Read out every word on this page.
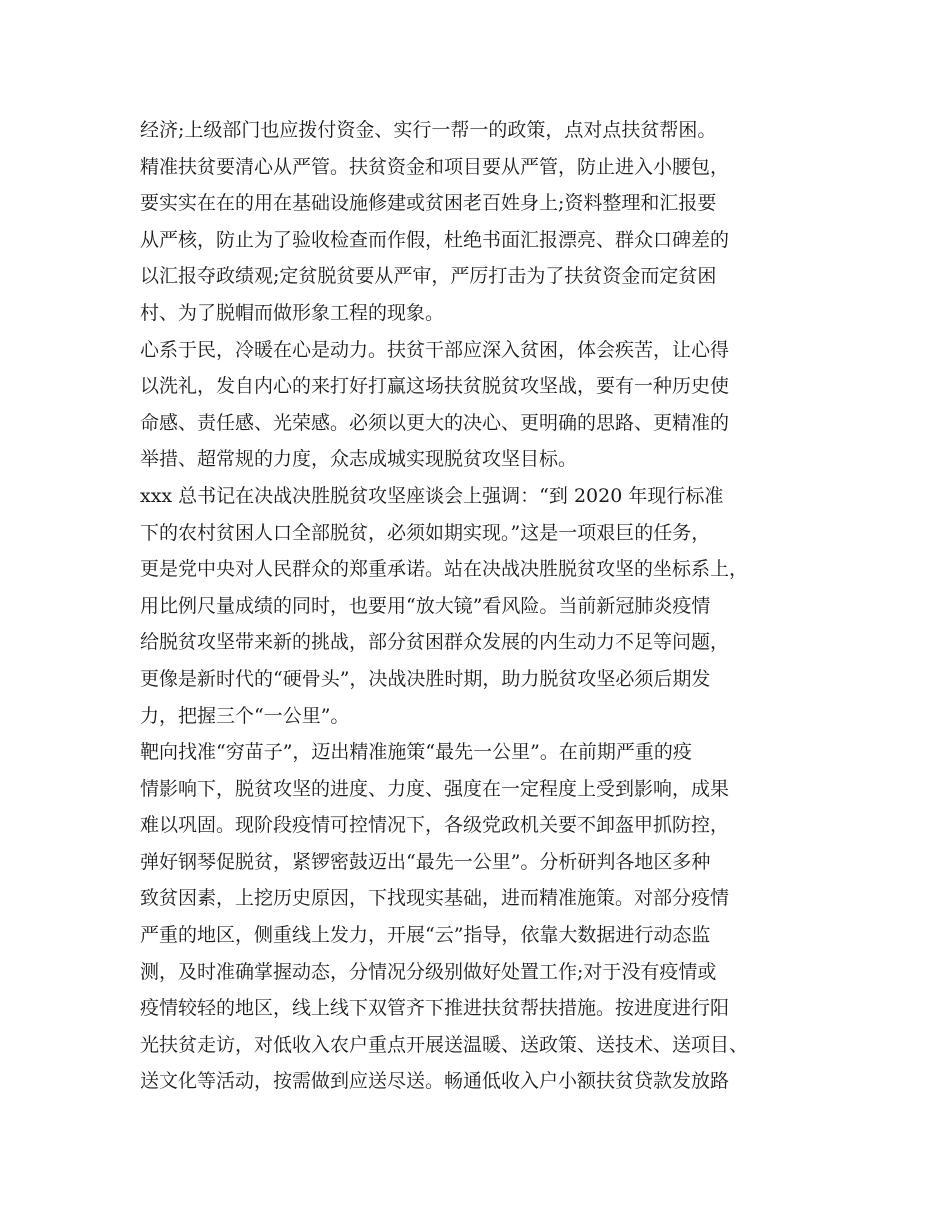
经济;上级部门也应拨付资金、实行一帮一的政策，点对点扶贫帮困。
精准扶贫要清心从严管。扶贫资金和项目要从严管，防止进入小腰包，
要实实在在的用在基础设施修建或贫困老百姓身上;资料整理和汇报要
从严核，防止为了验收检查而作假，杜绝书面汇报漂亮、群众口碑差的
以汇报夺政绩观;定贫脱贫要从严审，严厉打击为了扶贫资金而定贫困
村、为了脱帽而做形象工程的现象。
心系于民，冷暖在心是动力。扶贫干部应深入贫困，体会疾苦，让心得
以洗礼，发自内心的来打好打赢这场扶贫脱贫攻坚战，要有一种历史使
命感、责任感、光荣感。必须以更大的决心、更明确的思路、更精准的
举措、超常规的力度，众志成城实现脱贫攻坚目标。
xxx 总书记在决战决胜脱贫攻坚座谈会上强调：“到 2020 年现行标准
下的农村贫困人口全部脱贫，必须如期实现。”这是一项艰巨的任务，
更是党中央对人民群众的郑重承诺。站在决战决胜脱贫攻坚的坐标系上，
用比例尺量成绩的同时，也要用“放大镜”看风险。当前新冠肺炎疫情
给脱贫攻坚带来新的挑战，部分贫困群众发展的内生动力不足等问题，
更像是新时代的“硬骨头”，决战决胜时期，助力脱贫攻坚必须后期发
力，把握三个“一公里”。
靶向找准“穷苗子”，迈出精准施策“最先一公里”。在前期严重的疫
情影响下，脱贫攻坚的进度、力度、强度在一定程度上受到影响，成果
难以巩固。现阶段疫情可控情况下，各级党政机关要不卸盔甲抓防控，
弹好钢琴促脱贫，紧锣密鼓迈出“最先一公里”。分析研判各地区多种
致贫因素，上挖历史原因，下找现实基础，进而精准施策。对部分疫情
严重的地区，侧重线上发力，开展“云”指导，依靠大数据进行动态监
测，及时准确掌握动态，分情况分级别做好处置工作;对于没有疫情或
疫情较轻的地区，线上线下双管齐下推进扶贫帮扶措施。按进度进行阳
光扶贫走访，对低收入农户重点开展送温暖、送政策、送技术、送项目、
送文化等活动，按需做到应送尽送。畅通低收入户小额扶贫贷款发放路
